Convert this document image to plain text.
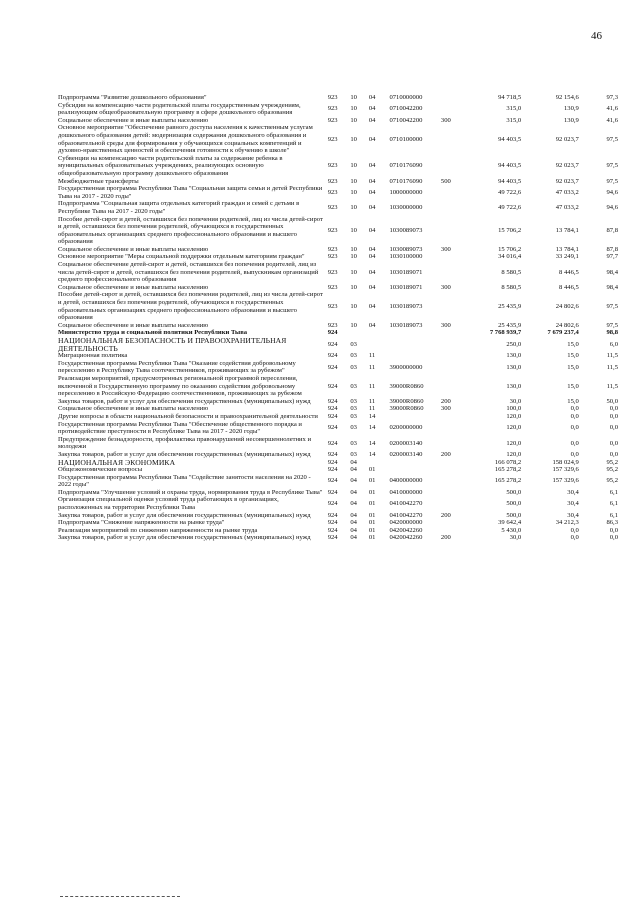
46
Подпрограмма "Развитие дошкольного образования"	923	10	04	0710000000		94 718,5	92 154,6	97,3
Субсидии на компенсацию части родительской платы государственным учреждениям, реализующим общеобразовательную программу в сфере дошкольного образования	923	10	04	0710042200		315,0	130,9	41,6
Социальное обеспечение и иные выплаты населению	923	10	04	0710042200	300	315,0	130,9	41,6
Основное мероприятие "Обеспечение равного доступа населения к качественным услугам дошкольного образования детей: модернизация содержания дошкольного образования и образовательной среды для формирования у обучающихся социальных компетенций и духовно-нравственных ценностей и обеспечения готовности к обучению в школе"	923	10	04	0710100000		94 403,5	92 023,7	97,5
Субвенции на компенсацию части родительской платы за содержание ребенка в муниципальных образовательных учреждениях, реализующих основную общеобразовательную программу дошкольного образования	923	10	04	0710176090		94 403,5	92 023,7	97,5
Межбюджетные трансферты	923	10	04	0710176090	500	94 403,5	92 023,7	97,5
Государственная программа Республики Тыва "Социальная защита семьи и детей Республики Тыва на 2017 - 2020 годы"	923	10	04	1000000000		49 722,6	47 033,2	94,6
Подпрограмма "Социальная защита отдельных категорий граждан и семей с детьми в Республике Тыва на 2017 - 2020 годы"	923	10	04	1030000000		49 722,6	47 033,2	94,6
Пособие детей-сирот и детей, оставшихся без попечения родителей, лиц из числа детей-сирот и детей, оставшихся без попечения родителей, обучающихся в государственных образовательных организациях среднего профессионального образования и высшего образования	923	10	04	1030089073		15 706,2	13 784,1	87,8
Социальное обеспечение и иные выплаты населению	923	10	04	1030089073	300	15 706,2	13 784,1	87,8
Основное мероприятие "Меры социальной поддержки отдельным категориям граждан"	923	10	04	1030100000		34 016,4	33 249,1	97,7
Социальное обеспечение детей-сирот и детей, оставшихся без попечения родителей, лиц из числа детей-сирот и детей, оставшихся без попечения родителей, выпускникам организаций среднего профессионального образования	923	10	04	1030189071		8 580,5	8 446,5	98,4
Социальное обеспечение и иные выплаты населению	923	10	04	1030189071	300	8 580,5	8 446,5	98,4
Пособие детей-сирот и детей, оставшихся без попечения родителей, лиц из числа детей-сирот и детей, оставшихся без попечения родителей, обучающихся в государственных образовательных организациях среднего профессионального образования и высшего образования	923	10	04	1030189073		25 435,9	24 802,6	97,5
Социальное обеспечение и иные выплаты населению	923	10	04	1030189073	300	25 435,9	24 802,6	97,5
Министерство труда и социальной политики Республики Тыва	924					7 768 939,7	7 679 237,4	98,8
НАЦИОНАЛЬНАЯ БЕЗОПАСНОСТЬ И ПРАВООХРАНИТЕЛЬНАЯ ДЕЯТЕЛЬНОСТЬ	924	03				250,0	15,0	6,0
Миграционная политика	924	03	11			130,0	15,0	11,5
Государственная программа Республики Тыва "Оказание содействия добровольному переселению в Республику Тыва соотечественников, проживающих за рубежом"	924	03	11	3900000000		130,0	15,0	11,5
Реализация мероприятий, предусмотренных региональной программой переселения, включенной в Государственную программу по оказанию содействия добровольному переселению в Российскую Федерацию соотечественников, проживающих за рубежом	924	03	11	39000R0860		130,0	15,0	11,5
Закупка товаров, работ и услуг для обеспечения государственных (муниципальных) нужд	924	03	11	39000R0860	200	30,0	15,0	50,0
Социальное обеспечение и иные выплаты населению	924	03	11	39000R0860	300	100,0	0,0	0,0
Другие вопросы в области национальной безопасности и правоохранительной деятельности	924	03	14			120,0	0,0	0,0
Государственная программа Республики Тыва "Обеспечение общественного порядка и противодействие преступности в Республике Тыва на 2017 - 2020 годы"	924	03	14	0200000000		120,0	0,0	0,0
Предупреждение безнадзорности, профилактика правонарушений несовершеннолетних и молодежи	924	03	14	0200003140		120,0	0,0	0,0
Закупка товаров, работ и услуг для обеспечения государственных (муниципальных) нужд	924	03	14	0200003140	200	120,0	0,0	0,0
НАЦИОНАЛЬНАЯ ЭКОНОМИКА	924	04				166 078,2	158 024,9	95,2
Общеэкономические вопросы	924	04	01			165 278,2	157 329,6	95,2
Государственная программа Республики Тыва "Содействие занятости населения на 2020 - 2022 годы"	924	04	01	0400000000		165 278,2	157 329,6	95,2
Подпрограмма "Улучшение условий и охраны труда, нормирования труда в Республике Тыва"	924	04	01	0410000000		500,0	30,4	6,1
Организация специальной оценки условий труда работающих в организациях, расположенных на территории Республики Тыва	924	04	01	0410042270		500,0	30,4	6,1
Закупка товаров, работ и услуг для обеспечения государственных (муниципальных) нужд	924	04	01	0410042270	200	500,0	30,4	6,1
Подпрограмма "Снижение напряженности на рынке труда"	924	04	01	0420000000		39 642,4	34 212,3	86,3
Реализация мероприятий по снижению напряженности на рынке труда	924	04	01	0420042260		5 430,0	0,0	0,0
Закупка товаров, работ и услуг для обеспечения государственных (муниципальных) нужд	924	04	01	0420042260	200	30,0	0,0	0,0
